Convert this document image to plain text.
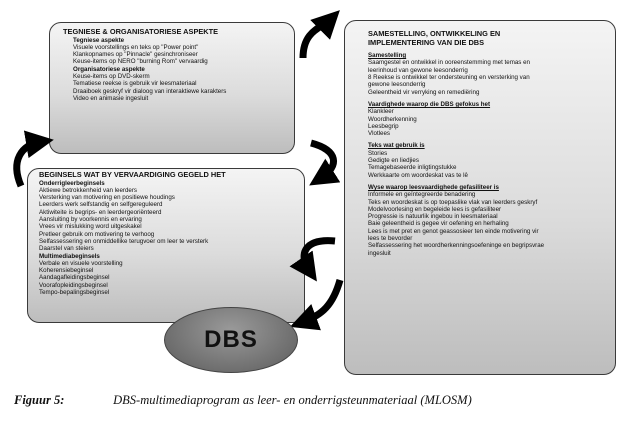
TEGNIESE & ORGANISATORIESE ASPEKTE
Tegniese aspekte
Visuele voorstellings en teks op "Power point"
Klankopnames op "Pinnacle" gesinchroniseer
Keuse-items op NERO "burning Rom" vervaardig
Organisatoriese aspekte
Keuse-items op DVD-skerm
Tematiese reekse is gebruik vir leesmateriaal
Draaiboek geskryf vir dialoog van interaktiewe karakters
Video en animasie ingesluit
BEGINSELS WAT BY VERVAARDIGING GEGELD HET
Onderrigleerbeginsels
Aktiewe betrokkenheid van leerders
Versterking van motivering en positiewe houdings
Leerders werk selfstandig en selfgereguleerd
Aktiwiteite is begrips- en leerdergeoriënteerd
Aansluiting by voorkennis en ervaring
Vrees vir mislukking word uitgeskakel
Pretleer gebruik om motivering te verhoog
Selfassessering en onmiddellike terugvoer om leer te versterk
Daarstel van steiers
Multimediabeginsels
Verbale en visuele voorstelling
Koherensiebeginsel
Aandagafleidingsbeginsel
Voorafopleidingsbeginsel
Tempo-bepalingsbeginsel
SAMESTELLING, ONTWIKKELING EN
IMPLEMENTERING VAN DIE DBS
Samestelling
Saamgestel en ontwikkel in ooreenstemming met temas en
leerinhoud van gewone leesonderrig
8 Reekse is ontwikkel ter ondersteuning en versterking van
gewone leesonderrig
Geleentheid vir verryking en remediëring
Vaardighede waarop die DBS gefokus het
Klankleer
Woordherkenning
Leesbegrip
Vlotlees
Teks wat gebruik is
Stories
Gedigte en liedjies
Temagebaseerde inligtingstukke
Werkkaarte om woordeskat vas te lê
Wyse waarop leesvaardighede gefasiliteer is
Informele en geïntegreerde benadering
Teks en woordeskat is op toepaslike vlak van leerders geskryf
Modelvoorlesing en begeleide lees is gefasiliteer
Progressie is natuurlik ingebou in leesmateriaal
Baie geleentheid is gegee vir oefening en herhaling
Lees is met pret en genot geassosieer ten einde motivering vir
lees te bevorder
Selfassessering het woordherkenningsoefeninge en begripsvrae
ingesluit
DBS
Figuur 5:	DBS-multimediaprogram as leer- en onderrigsteunmateriaal (MLOSM)
